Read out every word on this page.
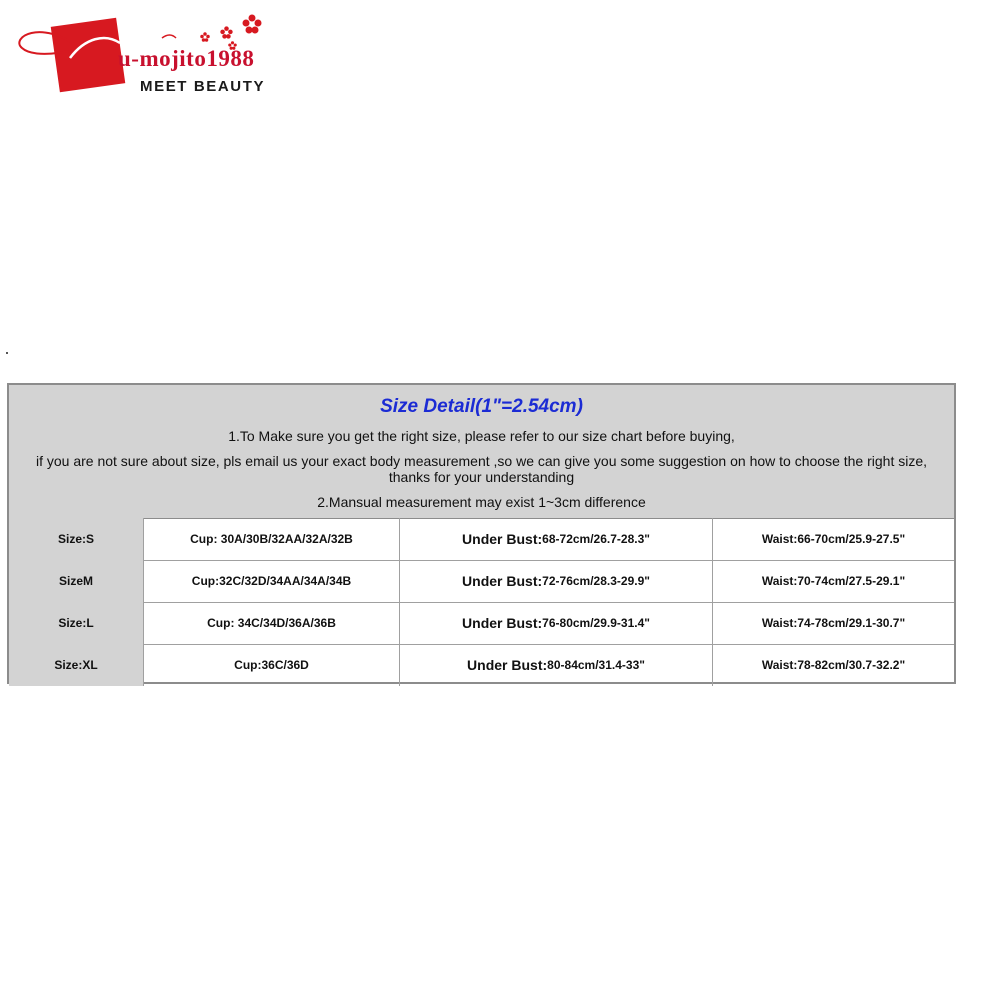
u-mojito1988
MEET BEAUTY
Size Detail(1"=2.54cm)
1.To Make sure you get the right size, please refer to our size chart before buying,
if you are not sure about size, pls email us your exact body measurement ,so we can give you some suggestion on how to choose the right size, thanks for your understanding
2.Mansual measurement may exist 1~3cm difference
Size:S	Cup: 30A/30B/32AA/32A/32B	Under Bust: 68-72cm/26.7-28.3"	Waist:66-70cm/25.9-27.5"
SizeM	Cup:32C/32D/34AA/34A/34B	Under Bust: 72-76cm/28.3-29.9"	Waist:70-74cm/27.5-29.1"
Size:L	Cup: 34C/34D/36A/36B	Under Bust: 76-80cm/29.9-31.4"	Waist:74-78cm/29.1-30.7"
Size:XL	Cup:36C/36D	Under Bust: 80-84cm/31.4-33"	Waist:78-82cm/30.7-32.2"
